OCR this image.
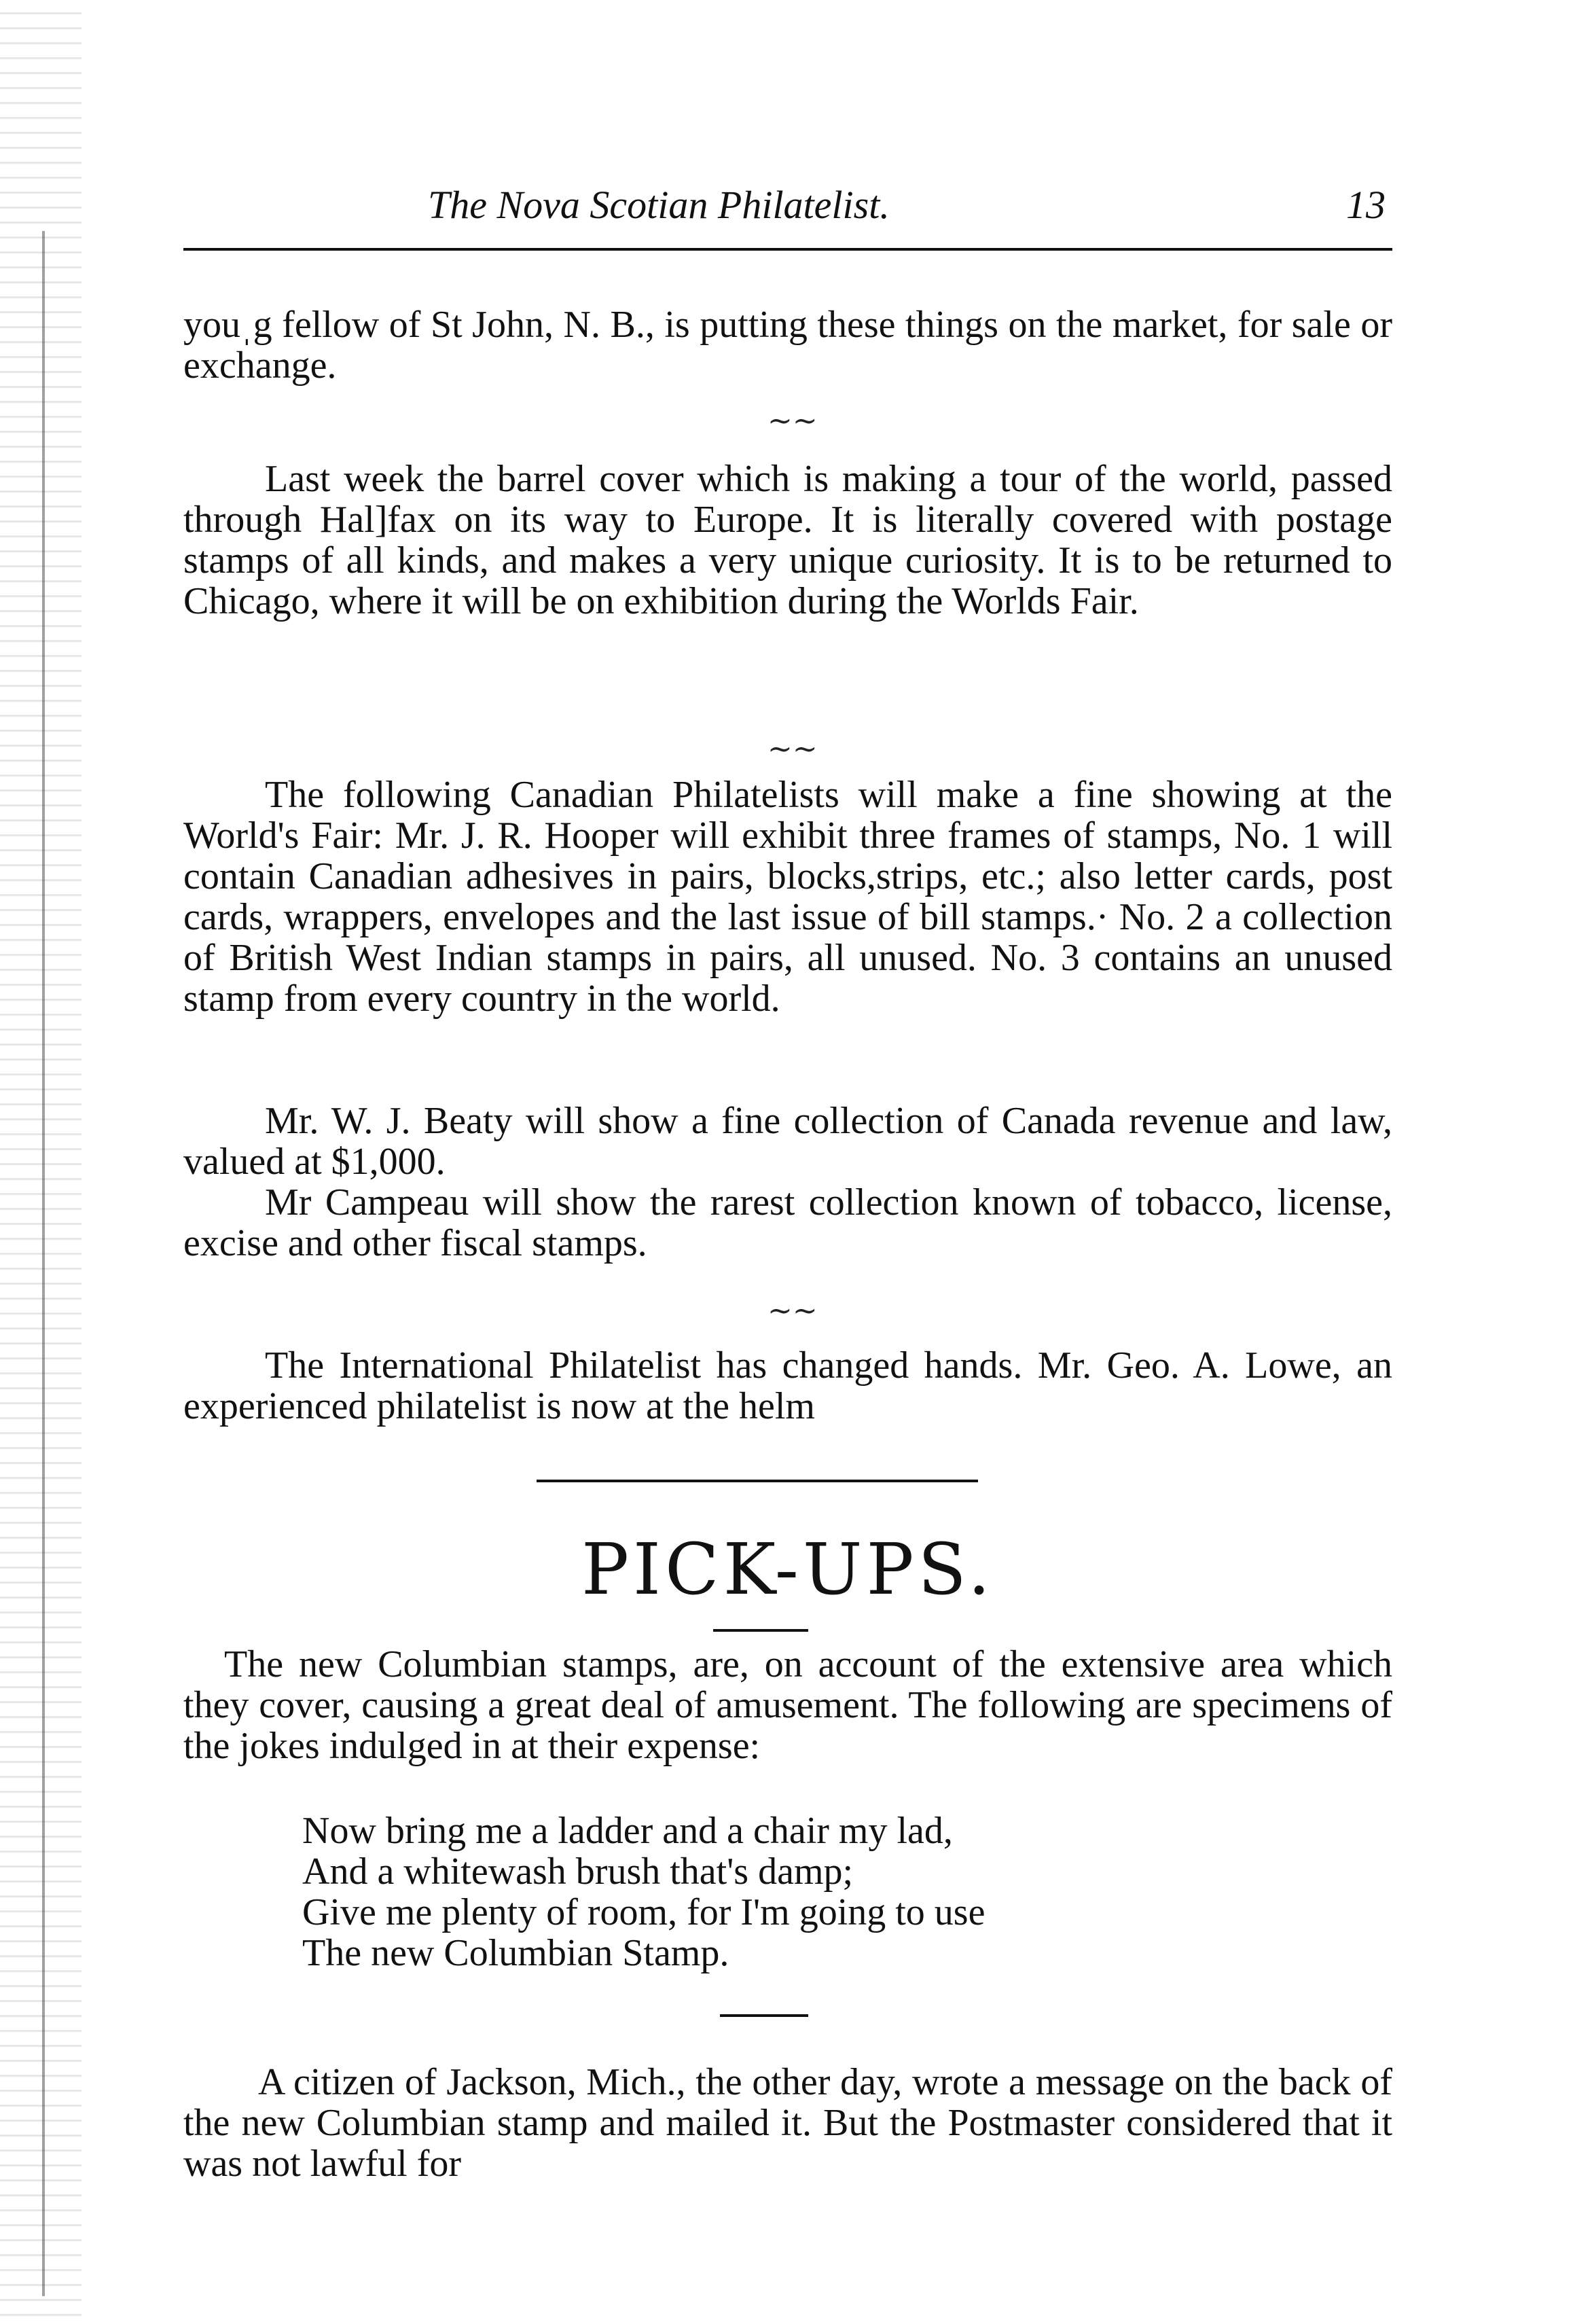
The Nova Scotian Philatelist.	13

youˌg fellow of St John, N. B., is putting these things on the market, for sale or exchange.

~~

Last week the barrel cover which is making a tour of the world, passed through Hal]fax on its way to Europe. It is literally covered with postage stamps of all kinds, and makes a very unique curiosity. It is to be returned to Chicago, where it will be on exhibition during the Worlds Fair.

~~

The following Canadian Philatelists will make a fine showing at the World's Fair: Mr. J. R. Hooper will exhibit three frames of stamps, No. 1 will contain Canadian adhesives in pairs, blocks,strips, etc.; also letter cards, post cards, wrappers, envelopes and the last issue of bill stamps.· No. 2 a collection of British West Indian stamps in pairs, all unused. No. 3 contains an unused stamp from every country in the world.

Mr. W. J. Beaty will show a fine collection of Canada revenue and law, valued at $1,000.

Mr Campeau will show the rarest collection known of tobacco, license, excise and other fiscal stamps.

~~

The International Philatelist has changed hands. Mr. Geo. A. Lowe, an experienced philatelist is now at the helm

PICK-UPS.

The new Columbian stamps, are, on account of the extensive area which they cover, causing a great deal of amusement. The following are specimens of the jokes indulged in at their expense:

Now bring me a ladder and a chair my lad,
And a whitewash brush that's damp;
Give me plenty of room, for I'm going to use
The new Columbian Stamp.

A citizen of Jackson, Mich., the other day, wrote a message on the back of the new Columbian stamp and mailed it. But the Postmaster considered that it was not lawful for
